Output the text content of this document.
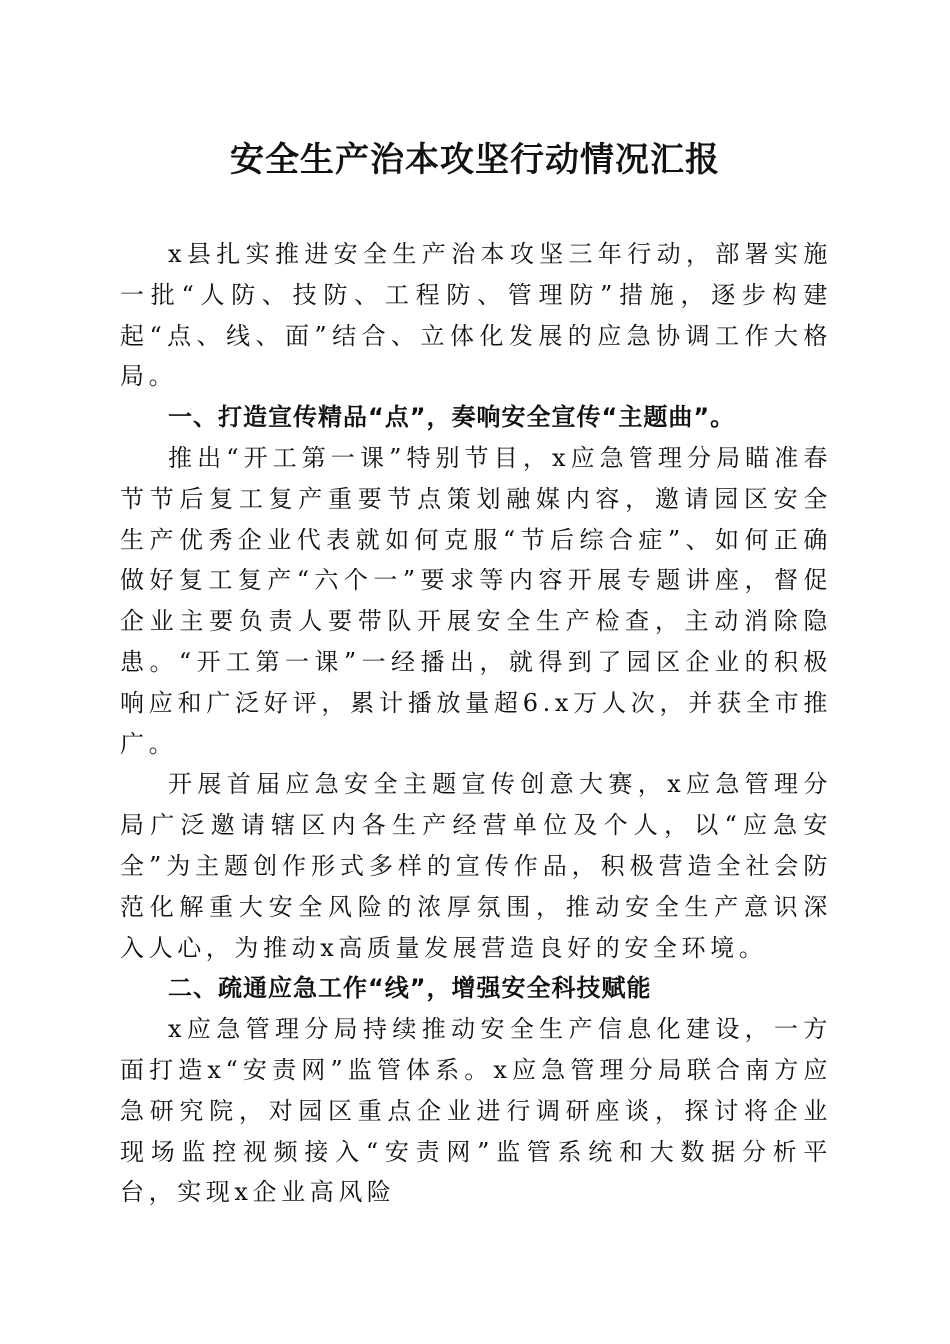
安全生产治本攻坚行动情况汇报

x县扎实推进安全生产治本攻坚三年行动，部署实施一批“人防、技防、工程防、管理防”措施，逐步构建起“点、线、面”结合、立体化发展的应急协调工作大格局。

一、打造宣传精品“点”，奏响安全宣传“主题曲”。

推出“开工第一课”特别节目，x应急管理分局瞄准春节节后复工复产重要节点策划融媒内容，邀请园区安全生产优秀企业代表就如何克服“节后综合症”、如何正确做好复工复产“六个一”要求等内容开展专题讲座，督促企业主要负责人要带队开展安全生产检查，主动消除隐患。“开工第一课”一经播出，就得到了园区企业的积极响应和广泛好评，累计播放量超6.x万人次，并获全市推广。

开展首届应急安全主题宣传创意大赛，x应急管理分局广泛邀请辖区内各生产经营单位及个人，以“应急安全”为主题创作形式多样的宣传作品，积极营造全社会防范化解重大安全风险的浓厚氛围，推动安全生产意识深入人心，为推动x高质量发展营造良好的安全环境。

二、疏通应急工作“线”，增强安全科技赋能

x应急管理分局持续推动安全生产信息化建设，一方面打造x“安责网”监管体系。x应急管理分局联合南方应急研究院，对园区重点企业进行调研座谈，探讨将企业现场监控视频接入“安责网”监管系统和大数据分析平台，实现x企业高风险
